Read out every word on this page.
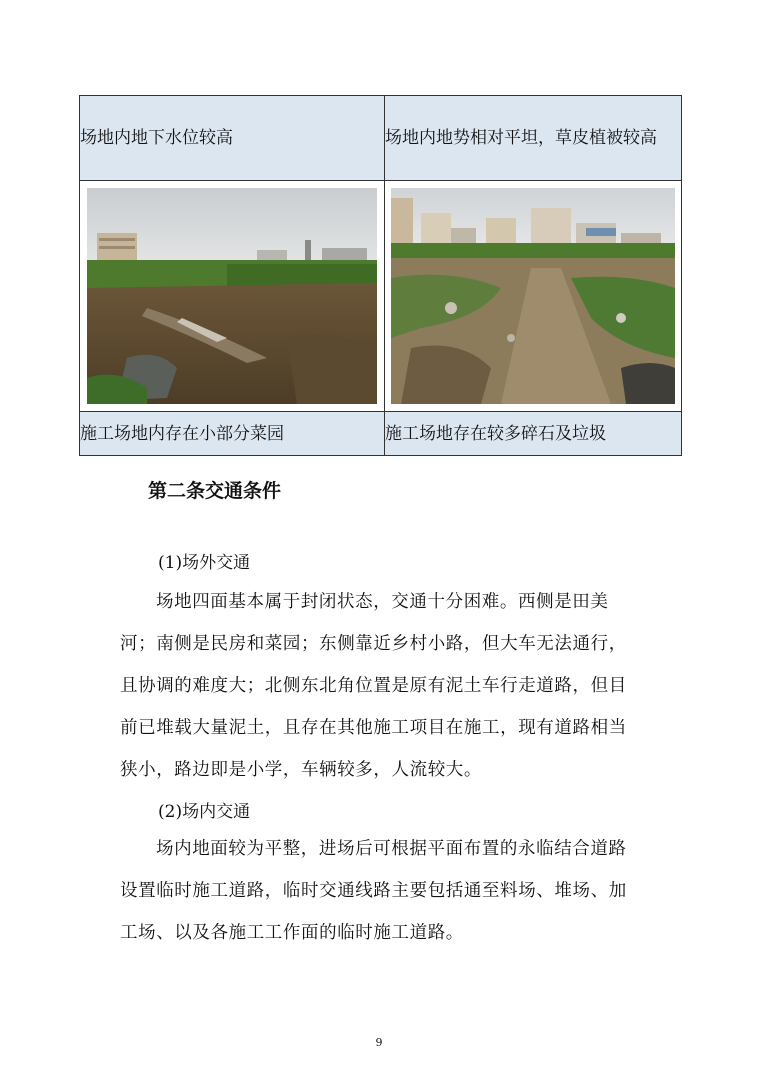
场地内地下水位较高	场地内地势相对平坦，草皮植被较高

施工场地内存在小部分菜园	施工场地存在较多碎石及垃圾
第二条交通条件
(1)场外交通
场地四面基本属于封闭状态，交通十分困难。西侧是田美河；南侧是民房和菜园；东侧靠近乡村小路，但大车无法通行，且协调的难度大；北侧东北角位置是原有泥土车行走道路，但目前已堆载大量泥土，且存在其他施工项目在施工，现有道路相当狭小，路边即是小学，车辆较多，人流较大。
(2)场内交通
场内地面较为平整，进场后可根据平面布置的永临结合道路设置临时施工道路，临时交通线路主要包括通至料场、堆场、加工场、以及各施工工作面的临时施工道路。
9
